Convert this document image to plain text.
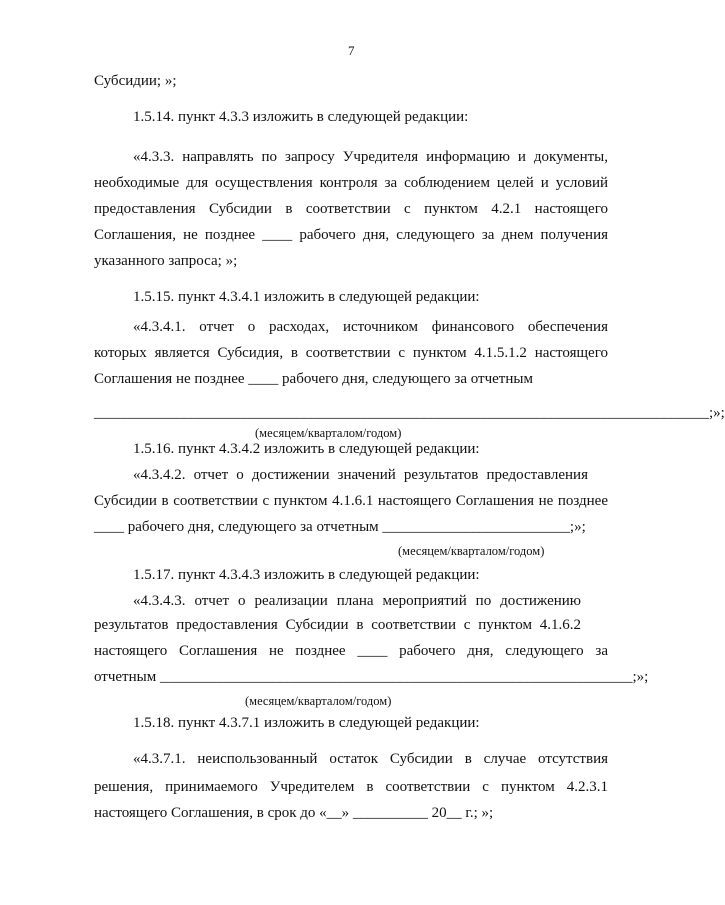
7
Субсидии; »;
1.5.14. пункт 4.3.3 изложить в следующей редакции:
«4.3.3. направлять по запросу Учредителя информацию и документы,
необходимые для осуществления контроля за соблюдением целей и условий
предоставления Субсидии в соответствии с пунктом 4.2.1 настоящего
Соглашения, не позднее ____ рабочего дня, следующего за днем получения
указанного запроса; »;
1.5.15. пункт 4.3.4.1 изложить в следующей редакции:
«4.3.4.1. отчет о расходах, источником финансового обеспечения
которых является Субсидия, в соответствии с пунктом 4.1.5.1.2 настоящего
Соглашения не позднее ____ рабочего дня, следующего за отчетным
__________________________________________________________________________________;»;
(месяцем/кварталом/годом)
1.5.16. пункт 4.3.4.2 изложить в следующей редакции:
«4.3.4.2. отчет о достижении значений результатов предоставления
Субсидии в соответствии с пунктом 4.1.6.1 настоящего Соглашения не позднее
____ рабочего дня, следующего за отчетным _________________________;»;
(месяцем/кварталом/годом)
1.5.17. пункт 4.3.4.3 изложить в следующей редакции:
«4.3.4.3. отчет о реализации плана мероприятий по достижению
результатов предоставления Субсидии в соответствии с пунктом 4.1.6.2
настоящего Соглашения не позднее ____ рабочего дня, следующего за
отчетным _______________________________________________________________;»;
(месяцем/кварталом/годом)
1.5.18. пункт 4.3.7.1 изложить в следующей редакции:
«4.3.7.1. неиспользованный остаток Субсидии в случае отсутствия
решения, принимаемого Учредителем в соответствии с пунктом 4.2.3.1
настоящего Соглашения, в срок до «__» __________ 20__ г.; »;
